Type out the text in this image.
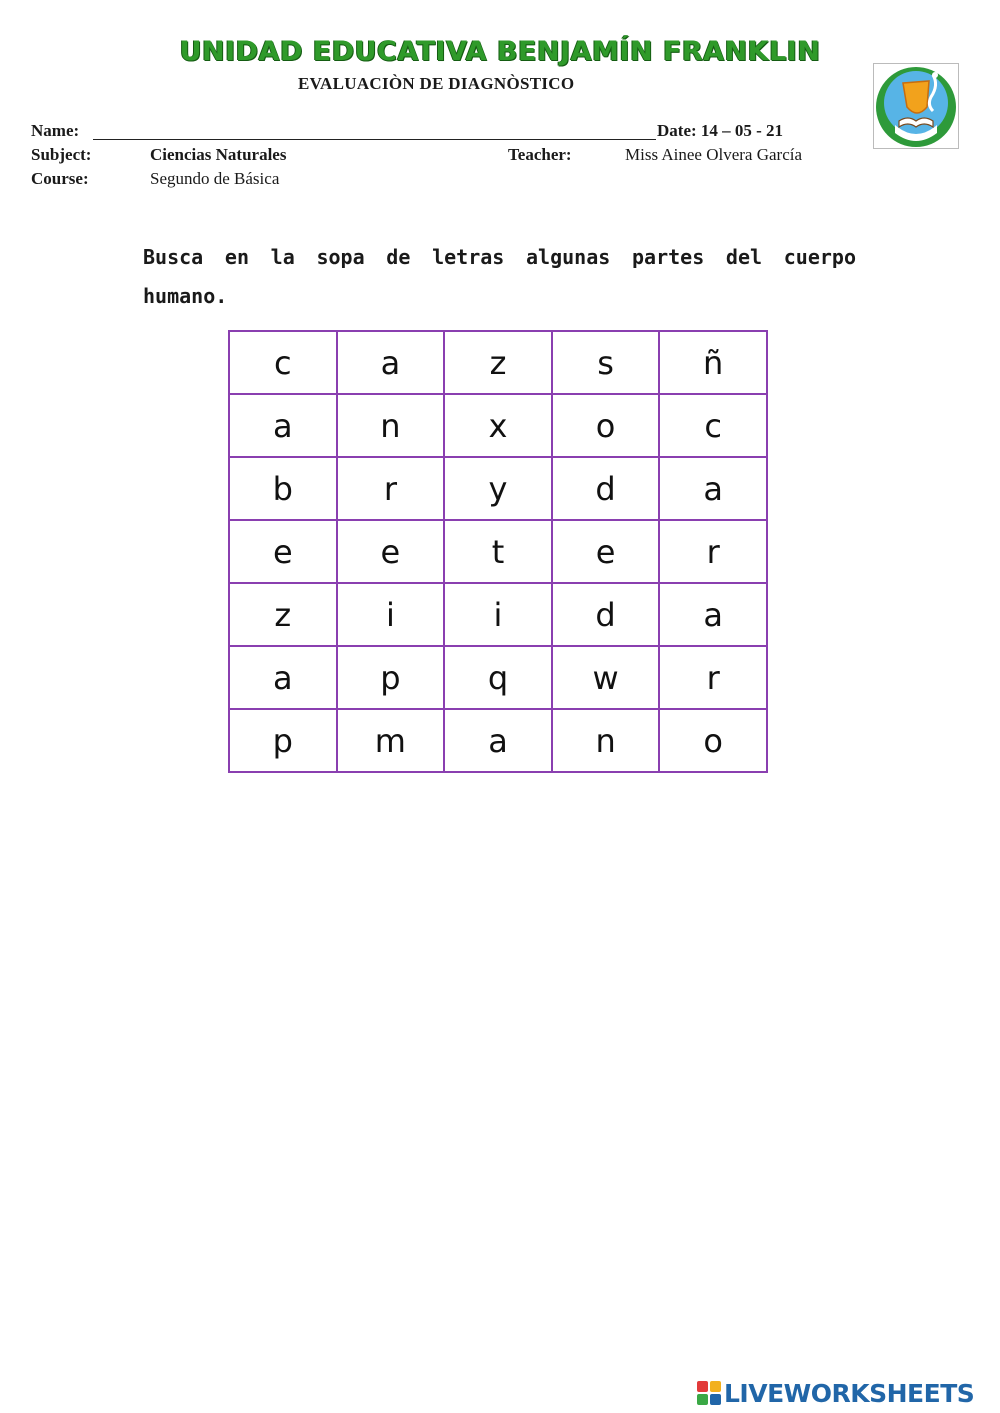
UNIDAD EDUCATIVA BENJAMÍN FRANKLIN
EVALUACIÒN DE DIAGNÒSTICO
Name:	Date: 14 – 05 - 21
Subject:	Ciencias Naturales	Teacher:	Miss Ainee Olvera García
Course:	Segundo de Básica
Busca en la sopa de letras algunas partes del cuerpo humano.
c	a	z	s	ñ
a	n	x	o	c
b	r	y	d	a
e	e	t	e	r
z	i	i	d	a
a	p	q	w	r
p	m	a	n	o
LIVEWORKSHEETS
